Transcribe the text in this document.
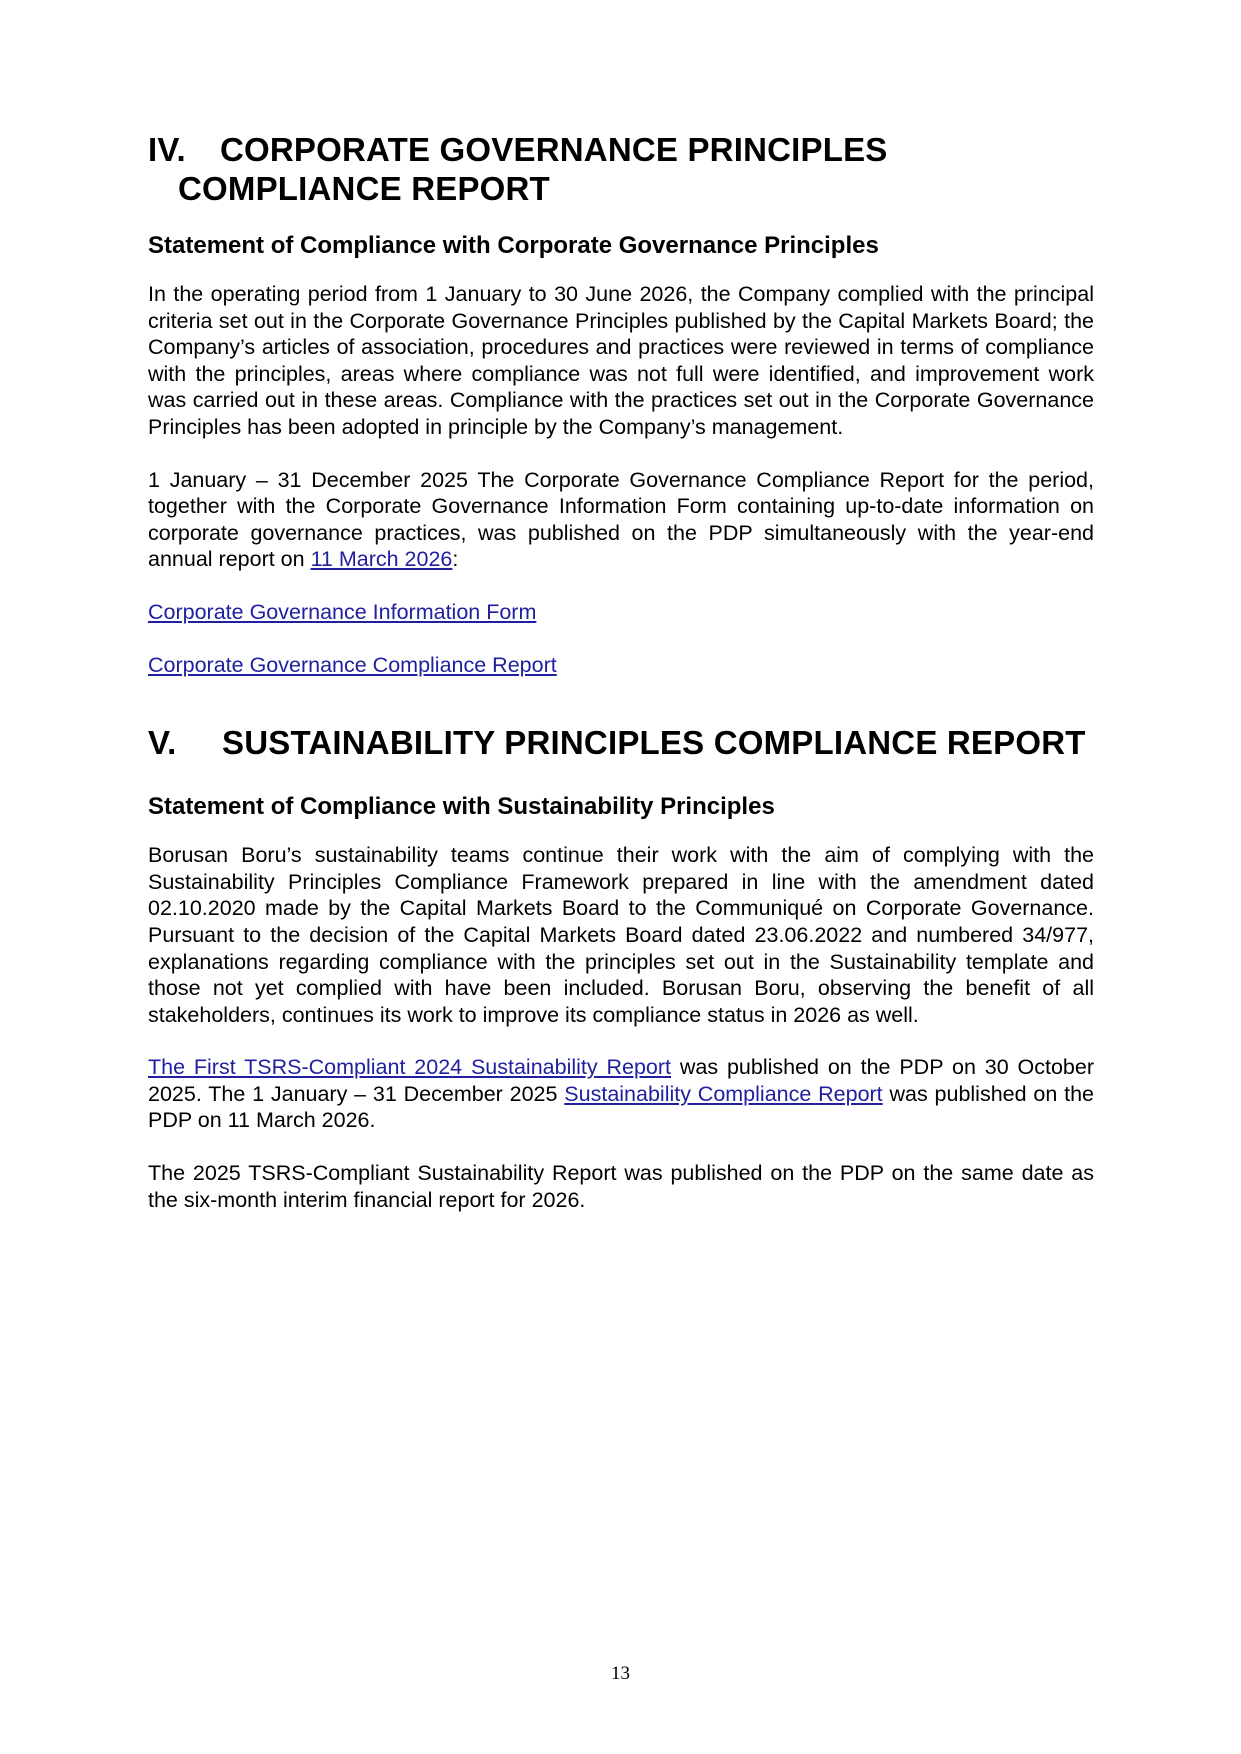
IV. CORPORATE GOVERNANCE PRINCIPLES
COMPLIANCE REPORT
Statement of Compliance with Corporate Governance Principles

In the operating period from 1 January to 30 June 2026, the Company complied with the principal criteria set out in the Corporate Governance Principles published by the Capital Markets Board; the Company’s articles of association, procedures and practices were reviewed in terms of compliance with the principles, areas where compliance was not full were identified, and improvement work was carried out in these areas. Compliance with the practices set out in the Corporate Governance Principles has been adopted in principle by the Company’s management.

1 January – 31 December 2025 The Corporate Governance Compliance Report for the period, together with the Corporate Governance Information Form containing up-to-date information on corporate governance practices, was published on the PDP simultaneously with the year-end annual report on 11 March 2026:

Corporate Governance Information Form

Corporate Governance Compliance Report

V. SUSTAINABILITY PRINCIPLES COMPLIANCE REPORT
Statement of Compliance with Sustainability Principles

Borusan Boru’s sustainability teams continue their work with the aim of complying with the Sustainability Principles Compliance Framework prepared in line with the amendment dated 02.10.2020 made by the Capital Markets Board to the Communiqué on Corporate Governance. Pursuant to the decision of the Capital Markets Board dated 23.06.2022 and numbered 34/977, explanations regarding compliance with the principles set out in the Sustainability template and those not yet complied with have been included. Borusan Boru, observing the benefit of all stakeholders, continues its work to improve its compliance status in 2026 as well.

The First TSRS-Compliant 2024 Sustainability Report was published on the PDP on 30 October 2025. The 1 January – 31 December 2025 Sustainability Compliance Report was published on the PDP on 11 March 2026.

The 2025 TSRS-Compliant Sustainability Report was published on the PDP on the same date as the six-month interim financial report for 2026.

13
